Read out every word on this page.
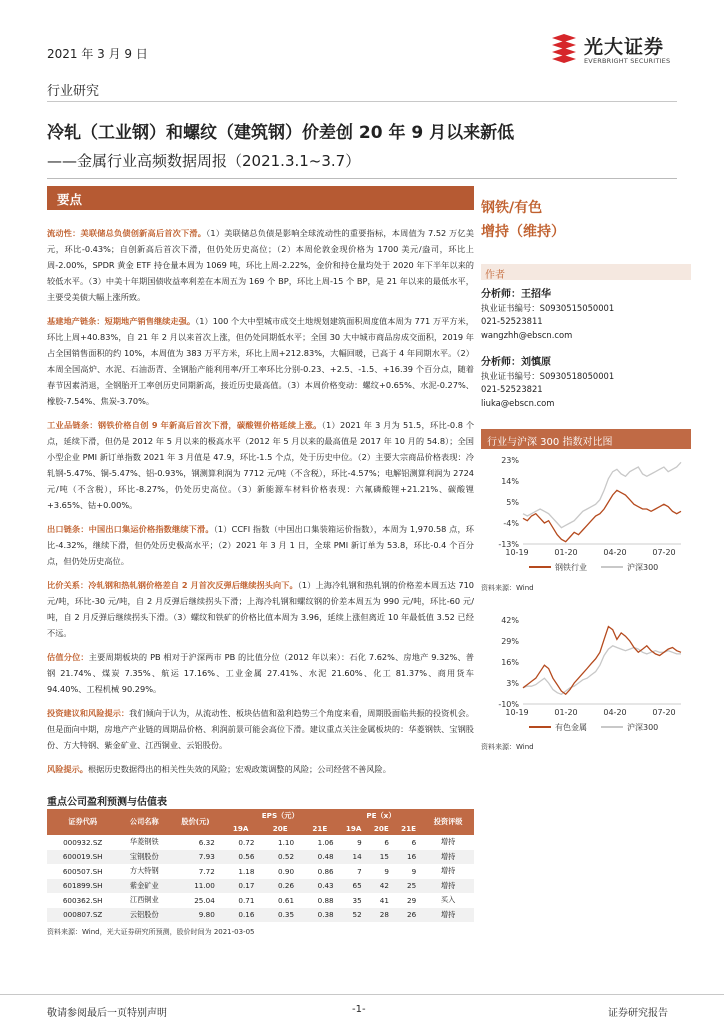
2021 年 3 月 9 日	光大证券
EVERBRIGHT SECURITIES
行业研究
冷轧（工业钢）和螺纹（建筑钢）价差创 20 年 9 月以来新低
——金属行业高频数据周报（2021.3.1~3.7）
要点

流动性：美联储总负债创新高后首次下滑。（1）美联储总负债是影响全球流动性的重要指标，本周值为 7.52 万亿美元，环比-0.43%；自创新高后首次下滑，但仍处历史高位；（2）本周伦敦金现价格为 1700 美元/盎司，环比上周-2.00%，SPDR 黄金 ETF 持仓量本周为 1069 吨，环比上周-2.22%，金价和持仓量均处于 2020 年下半年以来的较低水平。（3）中美十年期国债收益率利差在本周五为 169 个 BP，环比上周-15 个 BP，是 21 年以来的最低水平，主要受美债大幅上涨所致。

基建地产链条：短期地产销售继续走强。（1）100 个大中型城市成交土地规划建筑面积周度值本周为 771 万平方米，环比上周+40.83%，自 21 年 2 月以来首次上涨，但仍处同期低水平；全国 30 大中城市商品房成交面积，2019 年占全国销售面积的约 10%，本周值为 383 万平方米，环比上周+212.83%，大幅回暖，已高于 4 年同期水平。（2）本周全国高炉、水泥、石油沥青、全钢胎产能利用率/开工率环比分别-0.23、+2.5、-1.5、+16.39 个百分点，随着春节因素消退，全钢胎开工率创历史同期新高，接近历史最高值。（3）本周价格变动：螺纹+0.65%、水泥-0.27%、橡胶-7.54%、焦炭-3.70%。

工业品链条：钢铁价格自创 9 年新高后首次下滑，碳酸锂价格延续上涨。（1）2021 年 3 月为 51.5，环比-0.8 个点，延续下滑，但仍是 2012 年 5 月以来的极高水平（2012 年 5 月以来的最高值是 2017 年 10 月的 54.8）；全国小型企业 PMI 新订单指数 2021 年 3 月值是 47.9，环比-1.5 个点，处于历史中位。（2）主要大宗商品价格表现：冷轧钢-5.47%、铜-5.47%、铝-0.93%，钢测算利润为 7712 元/吨（不含税），环比-4.57%；电解铝测算利润为 2724 元/吨（不含税），环比-8.27%，仍处历史高位。（3）新能源车材料价格表现：六氟磷酸锂+21.21%、碳酸锂+3.65%、钴+0.00%。

出口链条：中国出口集运价格指数继续下滑。（1）CCFI 指数（中国出口集装箱运价指数），本周为 1,970.58 点，环比-4.32%，继续下滑，但仍处历史极高水平；（2）2021 年 3 月 1 日，全球 PMI 新订单为 53.8，环比-0.4 个百分点，但仍处历史高位。

比价关系：冷轧钢和热轧钢价格差自 2 月首次反弹后继续拐头向下。（1）上海冷轧钢和热轧钢的价格差本周五达 710 元/吨，环比-30 元/吨，自 2 月反弹后继续拐头下滑；上海冷轧钢和螺纹钢的价差本周五为 990 元/吨，环比-60 元/吨，自 2 月反弹后继续拐头下滑。（3）螺纹和铁矿的价格比值本周为 3.96，延续上涨但离近 10 年最低值 3.52 已经不远。

估值分位：主要周期板块的 PB 相对于沪深两市 PB 的比值分位（2012 年以来）：石化 7.62%、房地产 9.32%、普钢 21.74%、煤炭 7.35%、航运 17.16%、工业金属 27.41%、水泥 21.60%、化工 81.37%、商用货车 94.40%、工程机械 90.29%。

投资建议和风险提示：我们倾向于认为，从流动性、板块估值和盈利趋势三个角度来看，周期股面临共振的投资机会。但是面向中期，房地产产业链的周期品价格、利润前景可能会高位下滑。建议重点关注金属板块的：华菱钢铁、宝钢股份、方大特钢、紫金矿业、江西铜业、云铝股份。

风险提示。根据历史数据得出的相关性失效的风险；宏观政策调整的风险；公司经营不善风险。

重点公司盈利预测与估值表
证券代码	公司名称	股价(元)	EPS（元）			PE（x）			投资评级
			19A	20E	21E	19A	20E	21E	
000932.SZ	华菱钢铁	6.32	0.72	1.10	1.06	9	6	6	增持
600019.SH	宝钢股份	7.93	0.56	0.52	0.48	14	15	16	增持
600507.SH	方大特钢	7.72	1.18	0.90	0.86	7	9	9	增持
601899.SH	紫金矿业	11.00	0.17	0.26	0.43	65	42	25	增持
600362.SH	江西铜业	25.04	0.71	0.61	0.88	35	41	29	买入
000807.SZ	云铝股份	9.80	0.16	0.35	0.38	52	28	26	增持
资料来源：Wind，光大证券研究所预测，股价时间为 2021-03-05
钢铁/有色
增持（维持）
作者
分析师：王招华
执业证书编号：S0930515050001
021-52523811
wangzhh@ebscn.com
分析师：刘慎原
执业证书编号：S0930518050001
021-52523821
liuka@ebscn.com
行业与沪深 300 指数对比图
23%
14%
5%
-4%
-13%
10-19	01-20	04-20	07-20
钢铁行业	沪深300
资料来源：Wind
42%
29%
16%
3%
-10%
10-19	01-20	04-20	07-20
有色金属	沪深300
资料来源：Wind
敬请参阅最后一页特别声明	-1-	证券研究报告
